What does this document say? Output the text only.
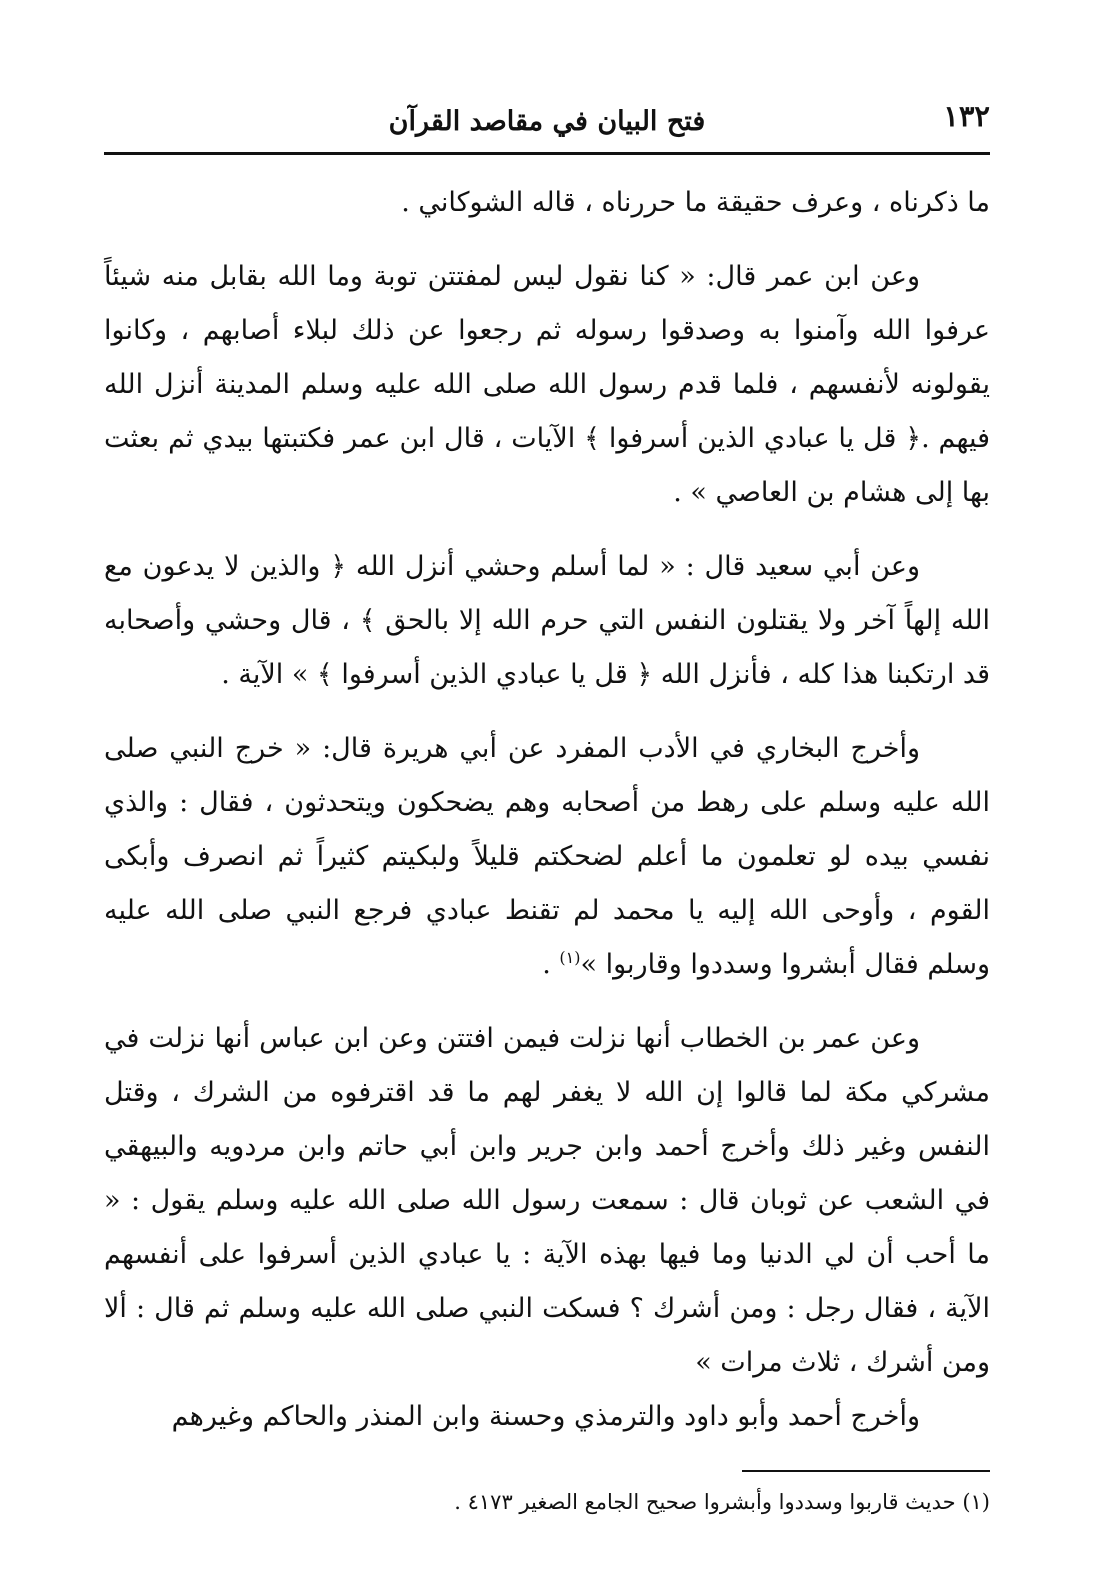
١٣٢
فتح البيان في مقاصد القرآن

ما ذكرناه ، وعرف حقيقة ما حررناه ، قاله الشوكاني .

وعن ابن عمر قال: « كنا نقول ليس لمفتتن توبة وما الله بقابل منه شيئاً عرفوا الله وآمنوا به وصدقوا رسوله ثم رجعوا عن ذلك لبلاء أصابهم ، وكانوا يقولونه لأنفسهم ، فلما قدم رسول الله صلى الله عليه وسلم المدينة أنزل الله فيهم .﴿ قل يا عبادي الذين أسرفوا ﴾ الآيات ، قال ابن عمر فكتبتها بيدي ثم بعثت بها إلى هشام بن العاصي » .

وعن أبي سعيد قال : « لما أسلم وحشي أنزل الله ﴿ والذين لا يدعون مع الله إلهاً آخر ولا يقتلون النفس التي حرم الله إلا بالحق ﴾ ، قال وحشي وأصحابه قد ارتكبنا هذا كله ، فأنزل الله ﴿ قل يا عبادي الذين أسرفوا ﴾ » الآية .

وأخرج البخاري في الأدب المفرد عن أبي هريرة قال: « خرج النبي صلى الله عليه وسلم على رهط من أصحابه وهم يضحكون ويتحدثون ، فقال : والذي نفسي بيده لو تعلمون ما أعلم لضحكتم قليلاً ولبكيتم كثيراً ثم انصرف وأبكى القوم ، وأوحى الله إليه يا محمد لم تقنط عبادي فرجع النبي صلى الله عليه وسلم فقال أبشروا وسددوا وقاربوا »$^{(١)}$ .

وعن عمر بن الخطاب أنها نزلت فيمن افتتن وعن ابن عباس أنها نزلت في مشركي مكة لما قالوا إن الله لا يغفر لهم ما قد اقترفوه من الشرك ، وقتل النفس وغير ذلك وأخرج أحمد وابن جرير وابن أبي حاتم وابن مردويه والبيهقي في الشعب عن ثوبان قال : سمعت رسول الله صلى الله عليه وسلم يقول : « ما أحب أن لي الدنيا وما فيها بهذه الآية : يا عبادي الذين أسرفوا على أنفسهم الآية ، فقال رجل : ومن أشرك ؟ فسكت النبي صلى الله عليه وسلم ثم قال : ألا ومن أشرك ، ثلاث مرات »

وأخرج أحمد وأبو داود والترمذي وحسنة وابن المنذر والحاكم وغيرهم

(١) حديث قاربوا وسددوا وأبشروا صحيح الجامع الصغير ٤١٧٣ .
